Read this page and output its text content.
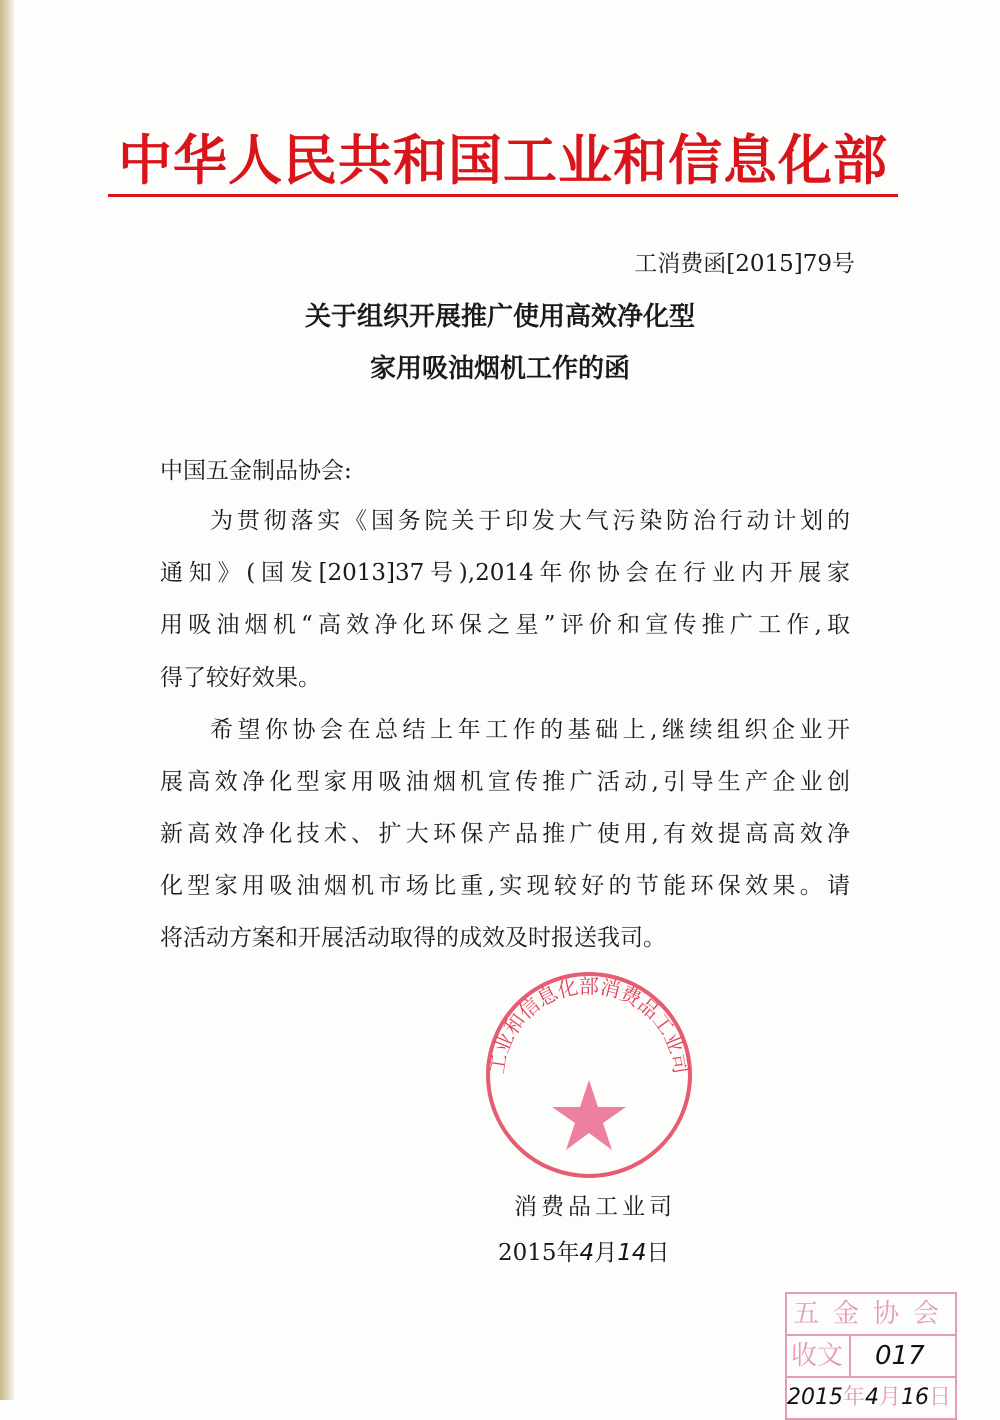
中华人民共和国工业和信息化部
工消费函[2015]79号
关于组织开展推广使用高效净化型
家用吸油烟机工作的函
中国五金制品协会:
为贯彻落实《国务院关于印发大气污染防治行动计划的
通知》(国发[2013]37号),2014年你协会在行业内开展家
用吸油烟机“高效净化环保之星”评价和宣传推广工作,取
得了较好效果。
希望你协会在总结上年工作的基础上,继续组织企业开
展高效净化型家用吸油烟机宣传推广活动,引导生产企业创
新高效净化技术、扩大环保产品推广使用,有效提高高效净
化型家用吸油烟机市场比重,实现较好的节能环保效果。请
将活动方案和开展活动取得的成效及时报送我司。
工业和信息化部消费品工业司
消费品工业司
2015年4月14日
五金协会
收文	017
2015年4月16日
